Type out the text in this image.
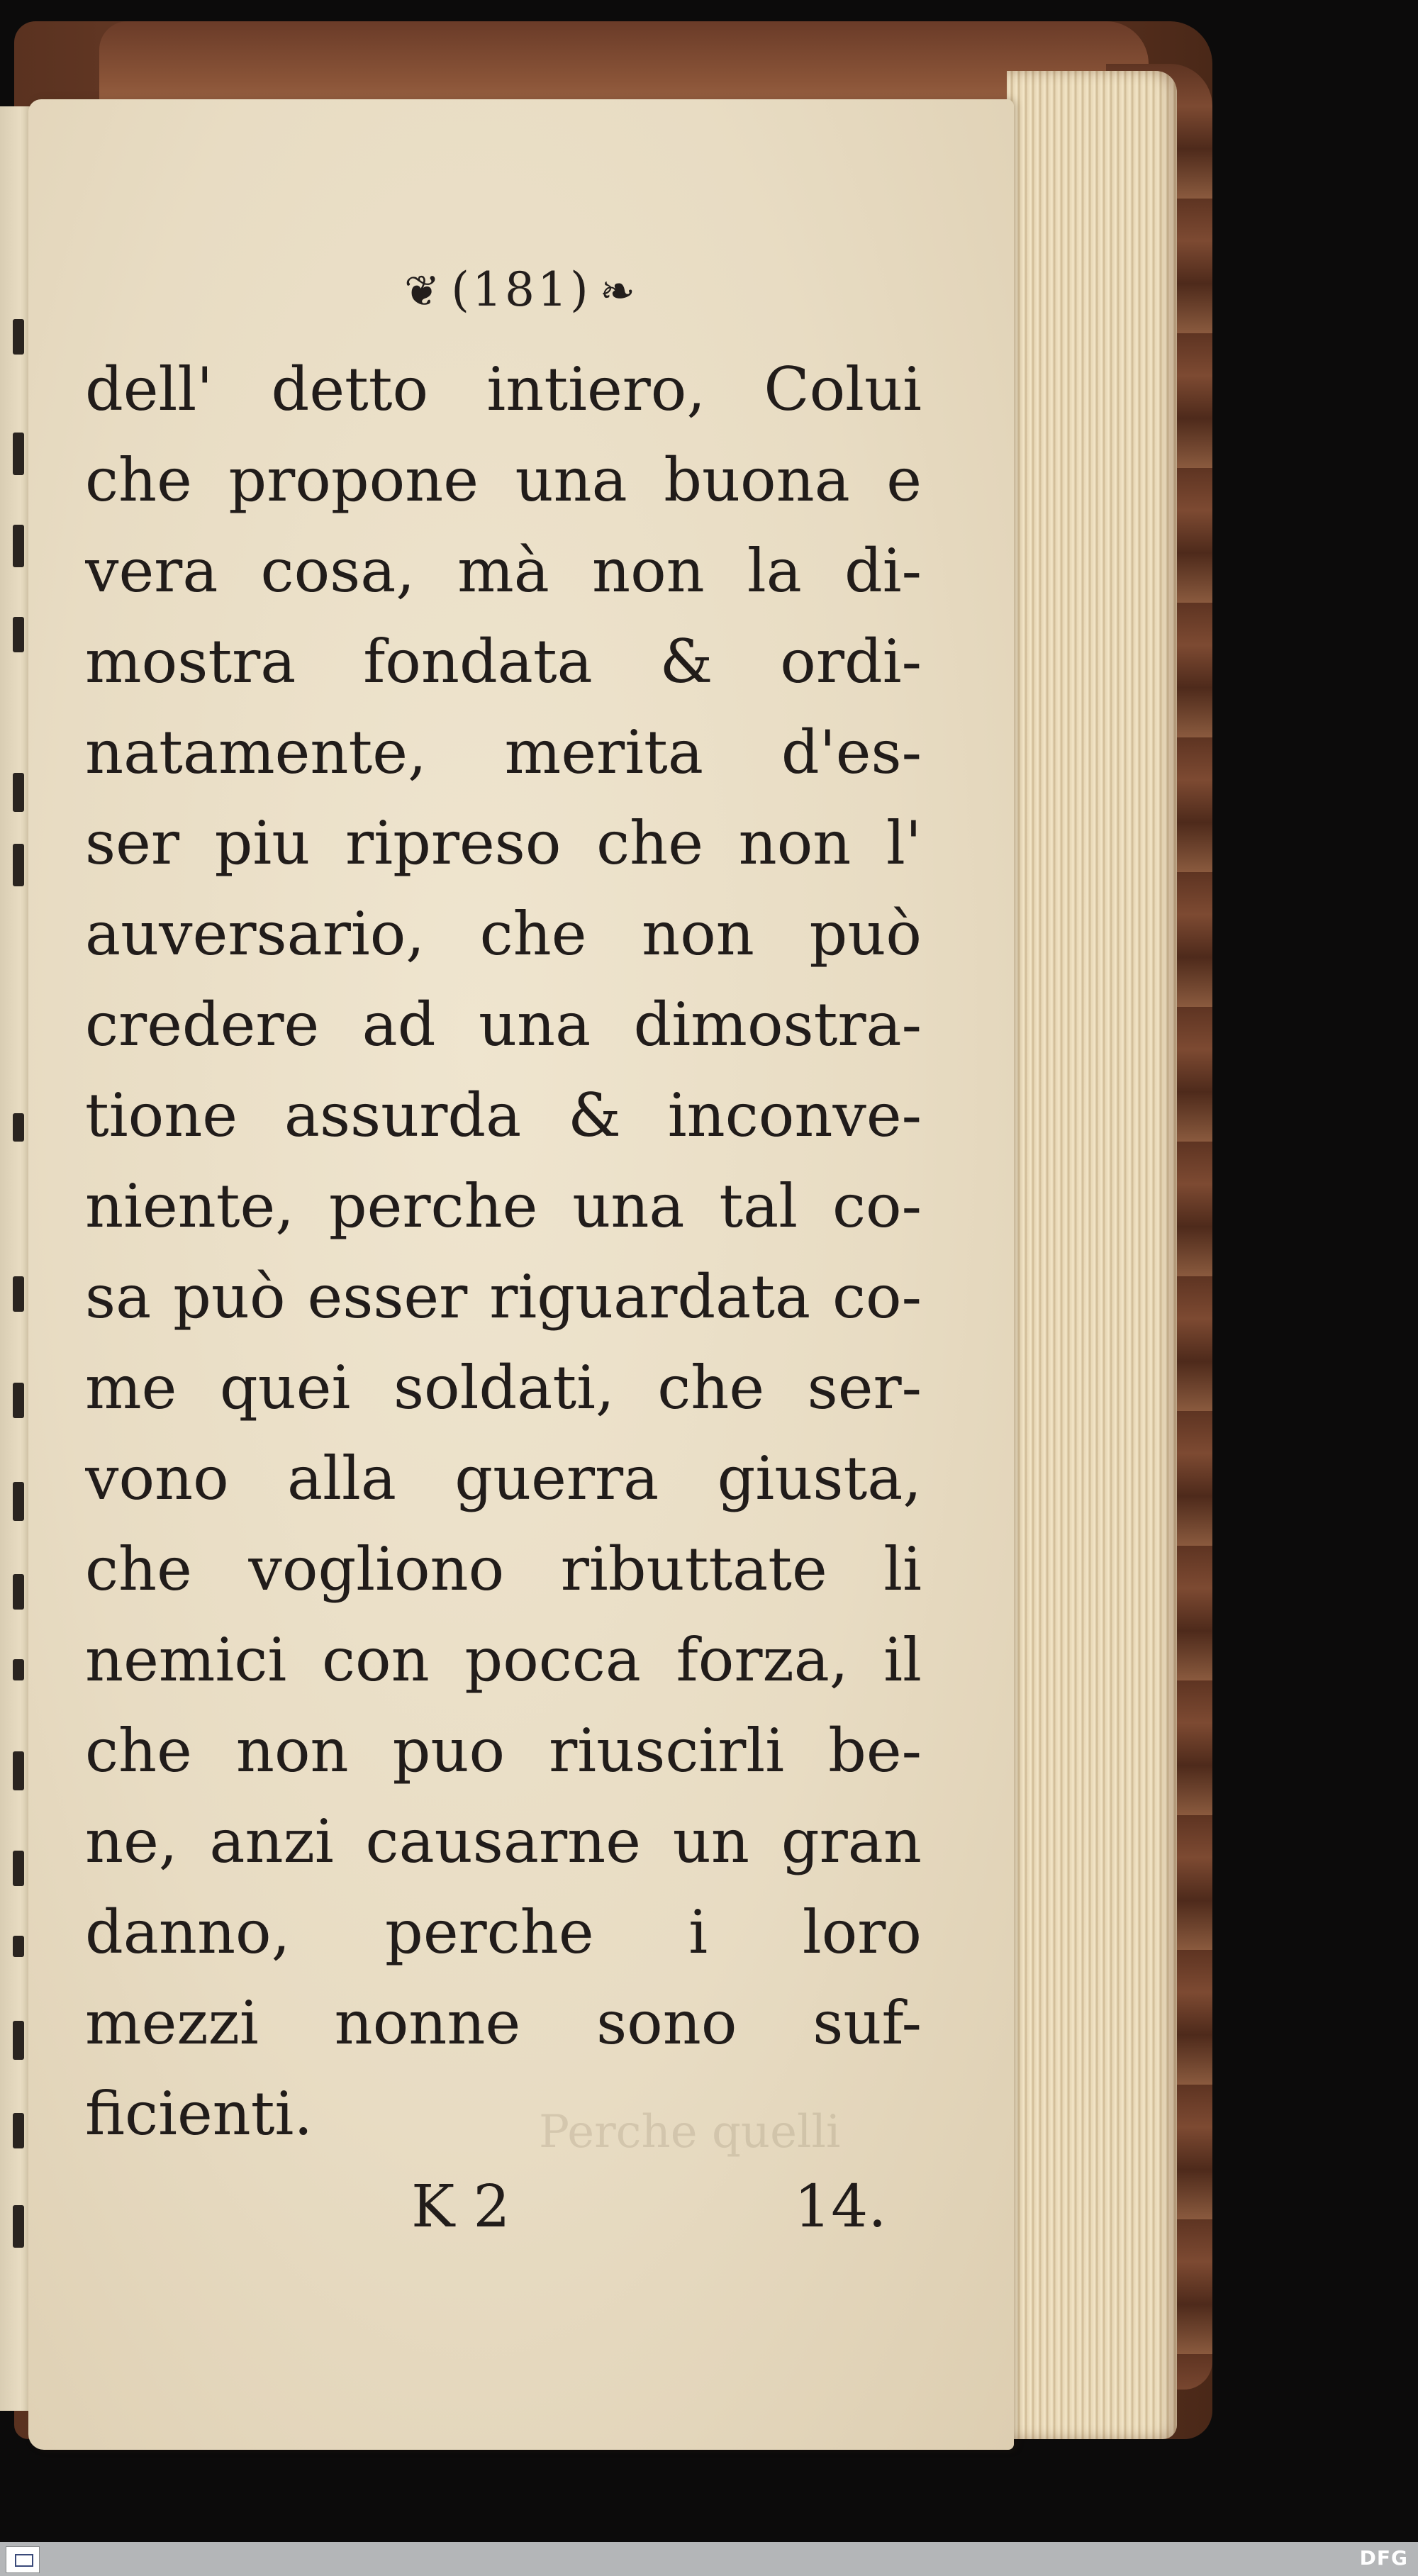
❦ (181) ❧
Perche quelli
dell' detto intiero, Colui
che propone una buona e
vera cosa, mà non la di-
mostra fondata & ordi-
natamente, merita d'es-
ser piu ripreso che non l'
auversario, che non può
credere ad una dimostra-
tione assurda & inconve-
niente, perche una tal co-
sa può esser riguardata co-
me quei soldati, che ser-
vono alla guerra giusta,
che vogliono ributtate li
nemici con pocca forza, il
che non puo riuscirli be-
ne, anzi causarne un gran
danno, perche i loro
mezzi nonne sono suf-
ficienti.
K 2	14.
DFG
